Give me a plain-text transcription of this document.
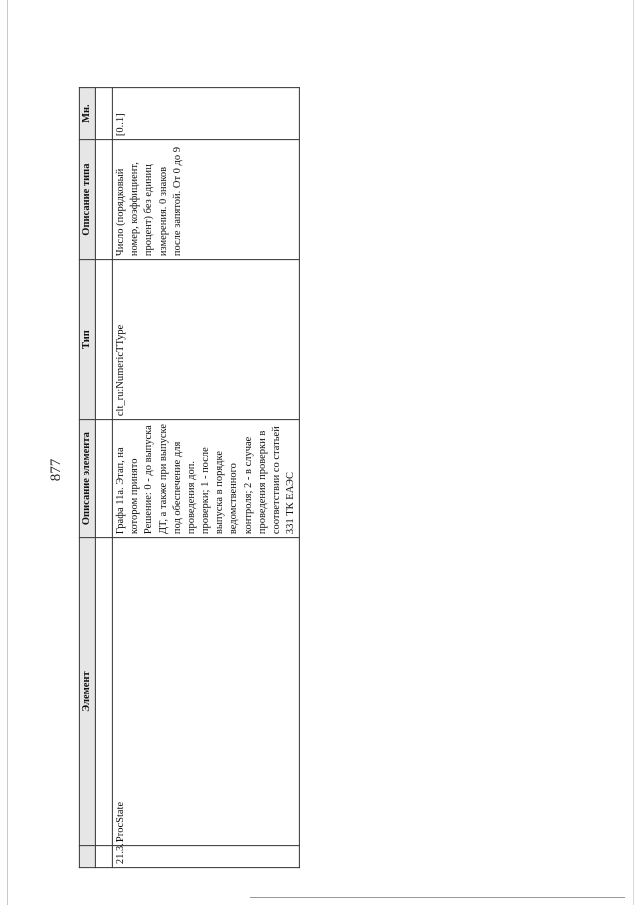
877
	Элемент	Описание элемента	Тип	Описание типа	Мн.

21.3.1	ProcState	Графа 11а. Этап, на котором принято Решение: 0 - до выпуска ДТ, а также при выпуске под обеспечение для проведения доп. проверки; 1 - после выпуска в порядке ведомственного контроля; 2 - в случае проведения проверки в соответствии со статьей 331 ТК ЕАЭС	clt_ru:NumericTType	Число (порядковый номер, коэффициент, процент) без единиц измерения. 0 знаков после запятой. От 0 до 9	[0..1]
